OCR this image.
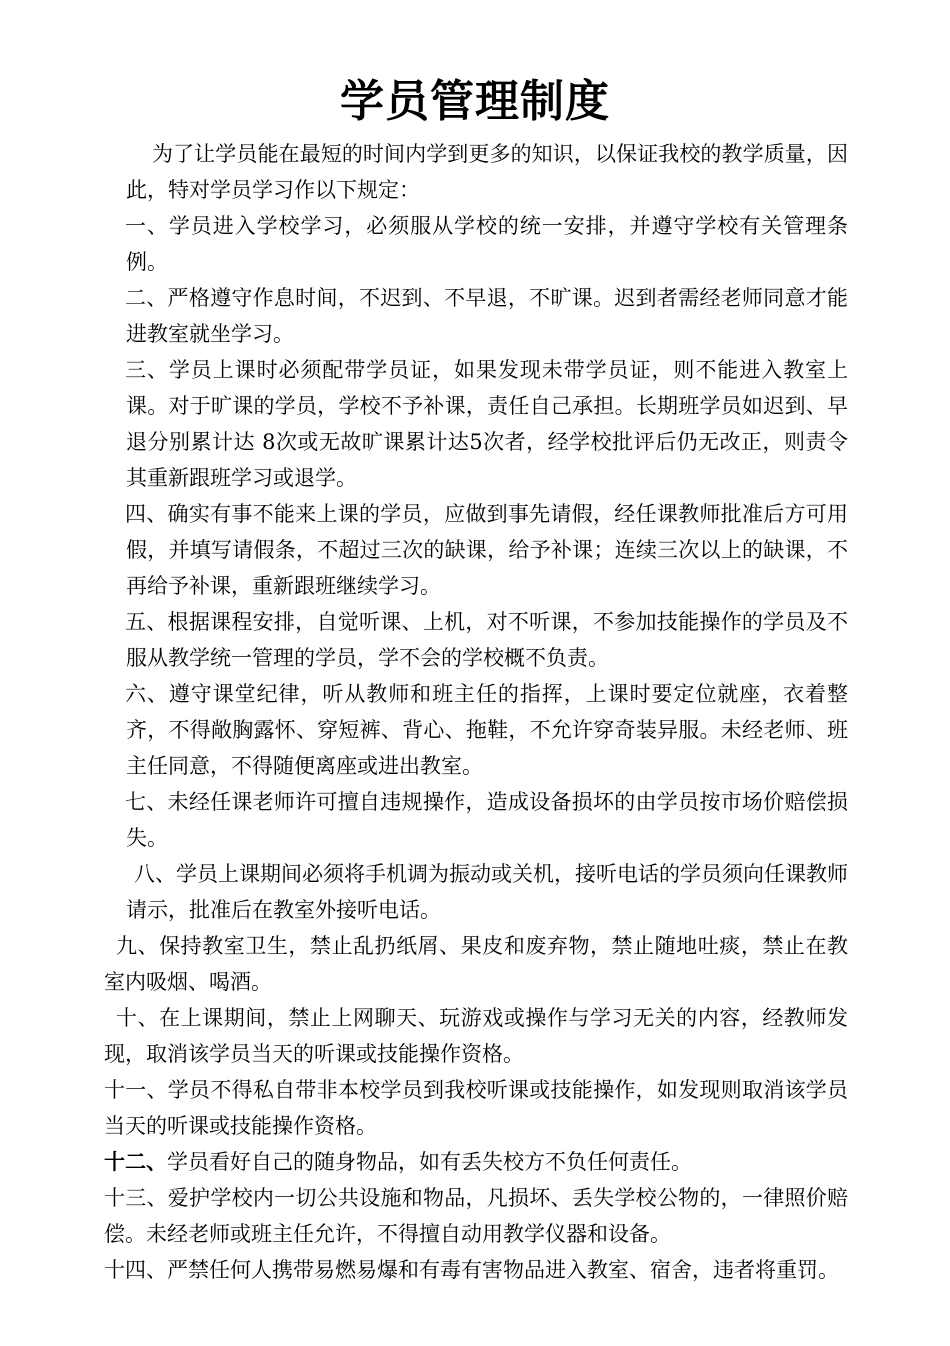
学员管理制度

为了让学员能在最短的时间内学到更多的知识，以保证我校的教学质量，因此，特对学员学习作以下规定：

一、学员进入学校学习，必须服从学校的统一安排，并遵守学校有关管理条例。

二、严格遵守作息时间，不迟到、不早退，不旷课。迟到者需经老师同意才能进教室就坐学习。

三、学员上课时必须配带学员证，如果发现未带学员证，则不能进入教室上课。对于旷课的学员，学校不予补课，责任自己承担。长期班学员如迟到、早退分别累计达 8次或无故旷课累计达5次者，经学校批评后仍无改正，则责令其重新跟班学习或退学。

四、确实有事不能来上课的学员，应做到事先请假，经任课教师批准后方可用假，并填写请假条，不超过三次的缺课，给予补课；连续三次以上的缺课，不再给予补课，重新跟班继续学习。

五、根据课程安排，自觉听课、上机，对不听课，不参加技能操作的学员及不服从教学统一管理的学员，学不会的学校概不负责。

六、遵守课堂纪律，听从教师和班主任的指挥，上课时要定位就座，衣着整齐，不得敞胸露怀、穿短裤、背心、拖鞋，不允许穿奇装异服。未经老师、班主任同意，不得随便离座或进出教室。

七、未经任课老师许可擅自违规操作，造成设备损坏的由学员按市场价赔偿损失。

八、学员上课期间必须将手机调为振动或关机，接听电话的学员须向任课教师请示，批准后在教室外接听电话。

九、保持教室卫生，禁止乱扔纸屑、果皮和废弃物，禁止随地吐痰，禁止在教室内吸烟、喝酒。

十、在上课期间，禁止上网聊天、玩游戏或操作与学习无关的内容，经教师发现，取消该学员当天的听课或技能操作资格。

十一、学员不得私自带非本校学员到我校听课或技能操作，如发现则取消该学员当天的听课或技能操作资格。

十二、学员看好自己的随身物品，如有丢失校方不负任何责任。

十三、爱护学校内一切公共设施和物品，凡损坏、丢失学校公物的，一律照价赔偿。未经老师或班主任允许，不得擅自动用教学仪器和设备。

十四、严禁任何人携带易燃易爆和有毒有害物品进入教室、宿舍，违者将重罚。
